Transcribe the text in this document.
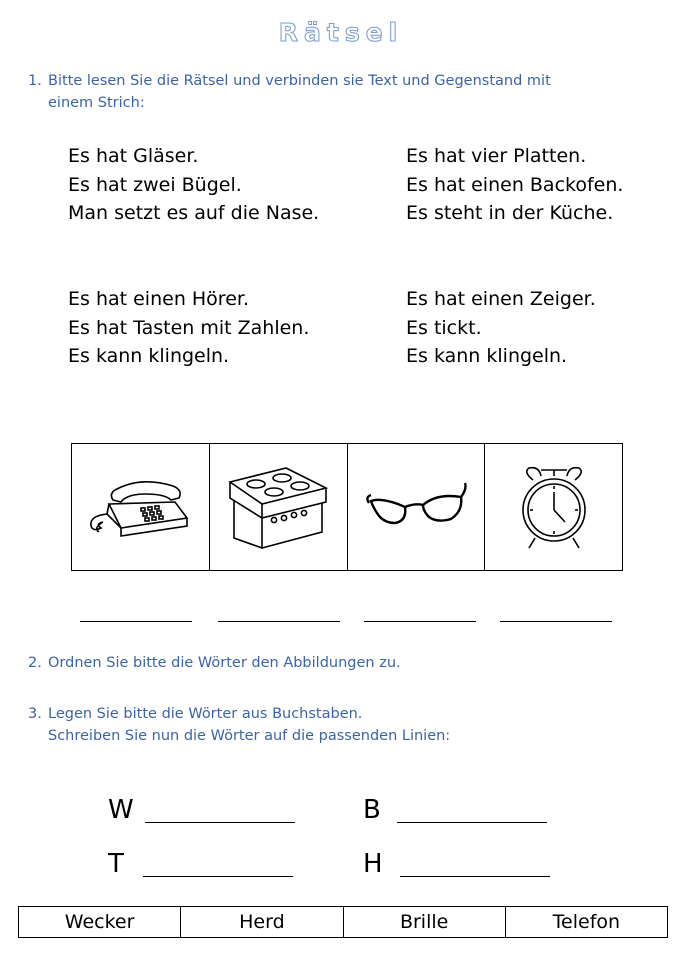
Rätsel
1. Bitte lesen Sie die Rätsel und verbinden sie Text und Gegenstand mit
einem Strich:
Es hat Gläser.
Es hat zwei Bügel.
Man setzt es auf die Nase.
Es hat vier Platten.
Es hat einen Backofen.
Es steht in der Küche.
Es hat einen Hörer.
Es hat Tasten mit Zahlen.
Es kann klingeln.
Es hat einen Zeiger.
Es tickt.
Es kann klingeln.
2. Ordnen Sie bitte die Wörter den Abbildungen zu.
3. Legen Sie bitte die Wörter aus Buchstaben.
Schreiben Sie nun die Wörter auf die passenden Linien:
W	B
T	H
Wecker	Herd	Brille	Telefon
